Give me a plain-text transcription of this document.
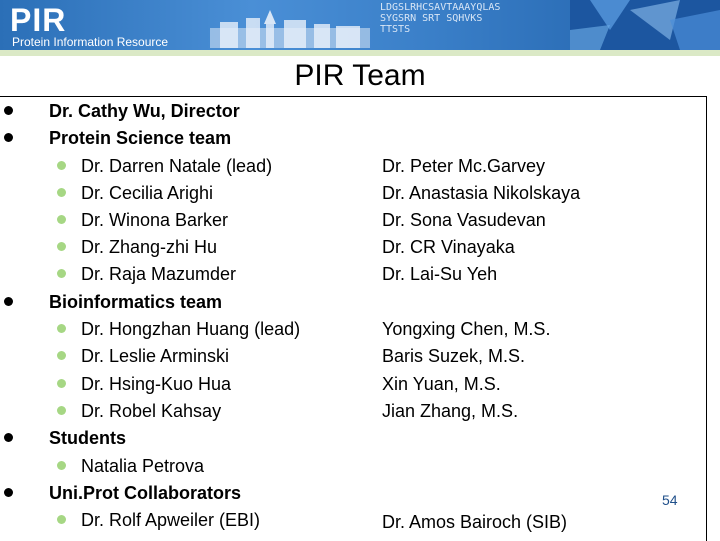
PIR
Protein Information Resource
LDGSLRHCSAVTAAAYQLAS
SYGSRN SRT SQHVKS
TTSTS
PIR Team
Dr. Cathy Wu, Director
Protein Science team
Dr. Darren Natale (lead)
Dr. Cecilia Arighi
Dr. Winona Barker
Dr. Zhang-zhi Hu
Dr. Raja Mazumder
Bioinformatics team
Dr. Hongzhan Huang (lead)
Dr. Leslie Arminski
Dr. Hsing-Kuo Hua
Dr. Robel Kahsay
Students
Natalia Petrova
Uni.Prot Collaborators
Dr. Rolf Apweiler (EBI)
Dr. Peter Mc.Garvey
Dr. Anastasia Nikolskaya
Dr. Sona Vasudevan
Dr. CR Vinayaka
Dr. Lai-Su Yeh
Yongxing Chen, M.S.
Baris Suzek, M.S.
Xin Yuan, M.S.
Jian Zhang, M.S.
Dr. Amos Bairoch (SIB)
54
